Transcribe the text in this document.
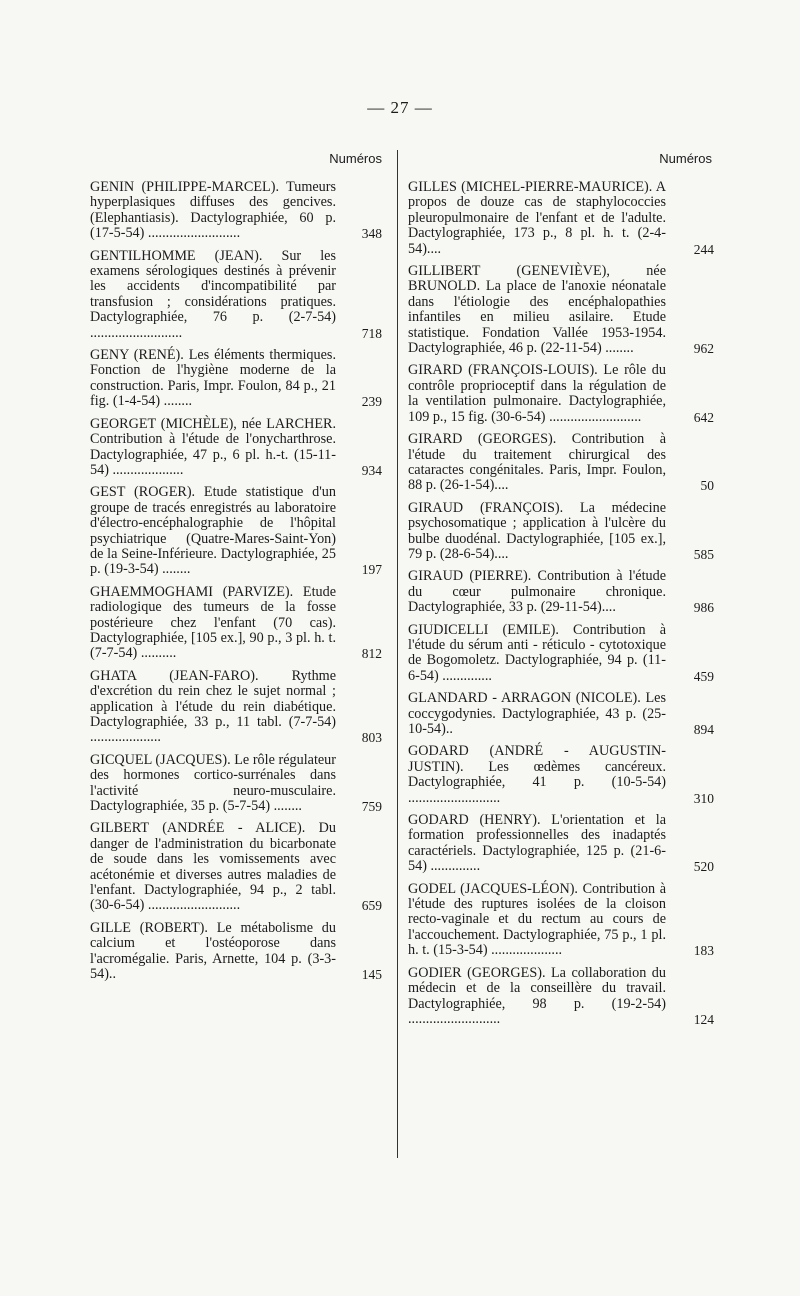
— 27 —
Numéros
GENIN (PHILIPPE-MARCEL). Tumeurs hyperplasiques diffuses des gencives. (Elephantiasis). Dactylographiée, 60 p. (17-5-54) ..........................	348
GENTILHOMME (JEAN). Sur les examens sérologiques destinés à prévenir les accidents d'incompatibilité par transfusion ; considérations pratiques. Dactylographiée, 76 p. (2-7-54) ..........................	718
GENY (RENÉ). Les éléments thermiques. Fonction de l'hygiène moderne de la construction. Paris, Impr. Foulon, 84 p., 21 fig. (1-4-54) ........	239
GEORGET (MICHÈLE), née LARCHER. Contribution à l'étude de l'onycharthrose. Dactylographiée, 47 p., 6 pl. h.-t. (15-11-54) ....................	934
GEST (ROGER). Etude statistique d'un groupe de tracés enregistrés au laboratoire d'électro-encéphalographie de l'hôpital psychiatrique (Quatre-Mares-Saint-Yon) de la Seine-Inférieure. Dactylographiée, 25 p. (19-3-54) ........	197
GHAEMMOGHAMI (PARVIZE). Etude radiologique des tumeurs de la fosse postérieure chez l'enfant (70 cas). Dactylographiée, [105 ex.], 90 p., 3 pl. h. t. (7-7-54) ..........	812
GHATA (JEAN-FARO). Rythme d'excrétion du rein chez le sujet normal ; application à l'étude du rein diabétique. Dactylographiée, 33 p., 11 tabl. (7-7-54) ....................	803
GICQUEL (JACQUES). Le rôle régulateur des hormones cortico-surrénales dans l'activité neuro-musculaire. Dactylographiée, 35 p. (5-7-54) ........	759
GILBERT (ANDRÉE - ALICE). Du danger de l'administration du bicarbonate de soude dans les vomissements avec acétonémie et diverses autres maladies de l'enfant. Dactylographiée, 94 p., 2 tabl. (30-6-54) ..........................	659
GILLE (ROBERT). Le métabolisme du calcium et l'ostéoporose dans l'acromégalie. Paris, Arnette, 104 p. (3-3-54)..	145
Numéros
GILLES (MICHEL-PIERRE-MAURICE). A propos de douze cas de staphylococcies pleuropulmonaire de l'enfant et de l'adulte. Dactylographiée, 173 p., 8 pl. h. t. (2-4-54)....	244
GILLIBERT (GENEVIÈVE), née BRUNOLD. La place de l'anoxie néonatale dans l'étiologie des encéphalopathies infantiles en milieu asilaire. Etude statistique. Fondation Vallée 1953-1954. Dactylographiée, 46 p. (22-11-54) ........	962
GIRARD (FRANÇOIS-LOUIS). Le rôle du contrôle proprioceptif dans la régulation de la ventilation pulmonaire. Dactylographiée, 109 p., 15 fig. (30-6-54) ..........................	642
GIRARD (GEORGES). Contribution à l'étude du traitement chirurgical des cataractes congénitales. Paris, Impr. Foulon, 88 p. (26-1-54)....	50
GIRAUD (FRANÇOIS). La médecine psychosomatique ; application à l'ulcère du bulbe duodénal. Dactylographiée, [105 ex.], 79 p. (28-6-54)....	585
GIRAUD (PIERRE). Contribution à l'étude du cœur pulmonaire chronique. Dactylographiée, 33 p. (29-11-54)....	986
GIUDICELLI (EMILE). Contribution à l'étude du sérum anti - réticulo - cytotoxique de Bogomoletz. Dactylographiée, 94 p. (11-6-54) ..............	459
GLANDARD - ARRAGON (NICOLE). Les coccygodynies. Dactylographiée, 43 p. (25-10-54)..	894
GODARD (ANDRÉ - AUGUSTIN-JUSTIN). Les œdèmes cancéreux. Dactylographiée, 41 p. (10-5-54) ..........................	310
GODARD (HENRY). L'orientation et la formation professionnelles des inadaptés caractériels. Dactylographiée, 125 p. (21-6-54) ..............	520
GODEL (JACQUES-LÉON). Contribution à l'étude des ruptures isolées de la cloison recto-vaginale et du rectum au cours de l'accouchement. Dactylographiée, 75 p., 1 pl. h. t. (15-3-54) ....................	183
GODIER (GEORGES). La collaboration du médecin et de la conseillère du travail. Dactylographiée, 98 p. (19-2-54) ..........................	124
